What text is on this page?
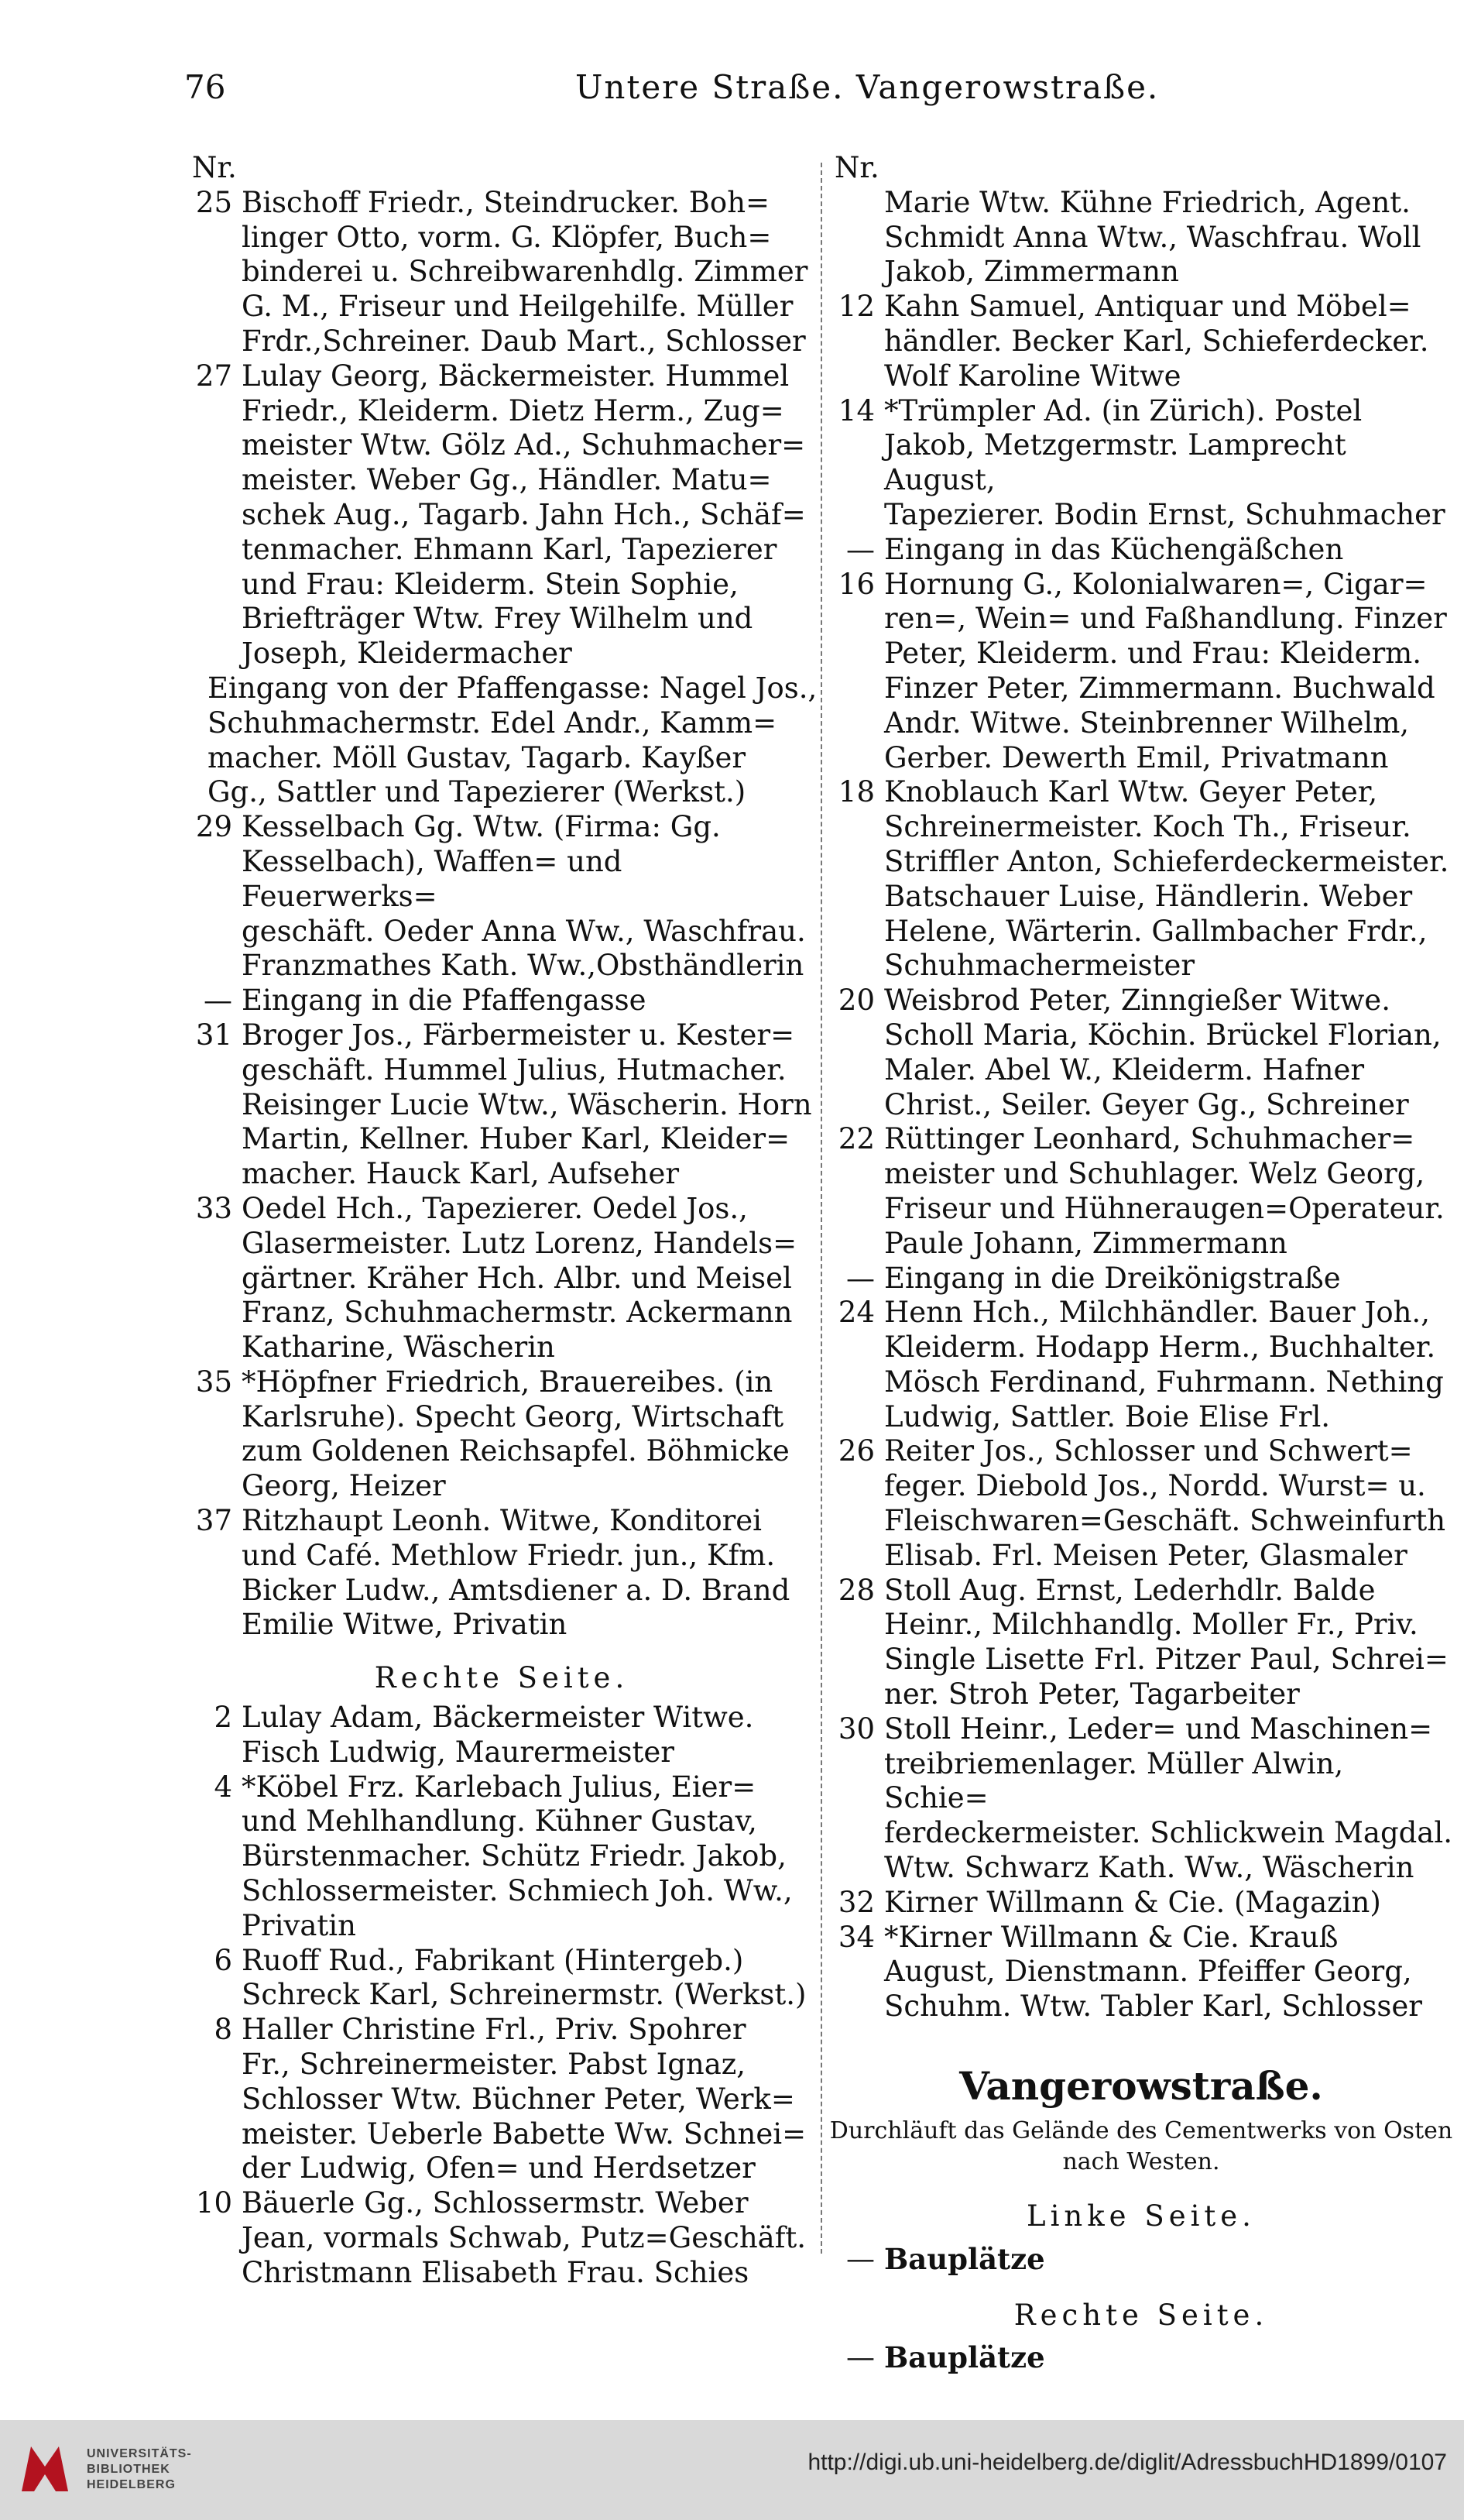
76	Untere Straße. Vangerowstraße.
Nr.
25 Bischoff Friedr., Steindrucker. Boh=
linger Otto, vorm. G. Klöpfer, Buch=
binderei u. Schreibwarenhdlg. Zimmer
G. M., Friseur und Heilgehilfe. Müller
Frdr.,Schreiner. Daub Mart., Schlosser
27 Lulay Georg, Bäckermeister. Hummel
Friedr., Kleiderm. Dietz Herm., Zug=
meister Wtw. Gölz Ad., Schuhmacher=
meister. Weber Gg., Händler. Matu=
schek Aug., Tagarb. Jahn Hch., Schäf=
tenmacher. Ehmann Karl, Tapezierer
und Frau: Kleiderm. Stein Sophie,
Briefträger Wtw. Frey Wilhelm und
Joseph, Kleidermacher
Eingang von der Pfaffengasse: Nagel Jos.,
Schuhmachermstr. Edel Andr., Kamm=
macher. Möll Gustav, Tagarb. Kayßer
Gg., Sattler und Tapezierer (Werkst.)
29 Kesselbach Gg. Wtw. (Firma: Gg.
Kesselbach), Waffen= und Feuerwerks=
geschäft. Oeder Anna Ww., Waschfrau.
Franzmathes Kath. Ww.,Obsthändlerin
— Eingang in die Pfaffengasse
31 Broger Jos., Färbermeister u. Kester=
geschäft. Hummel Julius, Hutmacher.
Reisinger Lucie Wtw., Wäscherin. Horn
Martin, Kellner. Huber Karl, Kleider=
macher. Hauck Karl, Aufseher
33 Oedel Hch., Tapezierer. Oedel Jos.,
Glasermeister. Lutz Lorenz, Handels=
gärtner. Kräher Hch. Albr. und Meisel
Franz, Schuhmachermstr. Ackermann
Katharine, Wäscherin
35 *Höpfner Friedrich, Brauereibes. (in
Karlsruhe). Specht Georg, Wirtschaft
zum Goldenen Reichsapfel. Böhmicke
Georg, Heizer
37 Ritzhaupt Leonh. Witwe, Konditorei
und Café. Methlow Friedr. jun., Kfm.
Bicker Ludw., Amtsdiener a. D. Brand
Emilie Witwe, Privatin
Rechte Seite.
2 Lulay Adam, Bäckermeister Witwe.
Fisch Ludwig, Maurermeister
4 *Köbel Frz. Karlebach Julius, Eier=
und Mehlhandlung. Kühner Gustav,
Bürstenmacher. Schütz Friedr. Jakob,
Schlossermeister. Schmiech Joh. Ww.,
Privatin
6 Ruoff Rud., Fabrikant (Hintergeb.)
Schreck Karl, Schreinermstr. (Werkst.)
8 Haller Christine Frl., Priv. Spohrer
Fr., Schreinermeister. Pabst Ignaz,
Schlosser Wtw. Büchner Peter, Werk=
meister. Ueberle Babette Ww. Schnei=
der Ludwig, Ofen= und Herdsetzer
10 Bäuerle Gg., Schlossermstr. Weber
Jean, vormals Schwab, Putz=Geschäft.
Christmann Elisabeth Frau. Schies
Nr.
Marie Wtw. Kühne Friedrich, Agent.
Schmidt Anna Wtw., Waschfrau. Woll
Jakob, Zimmermann
12 Kahn Samuel, Antiquar und Möbel=
händler. Becker Karl, Schieferdecker.
Wolf Karoline Witwe
14 *Trümpler Ad. (in Zürich). Postel
Jakob, Metzgermstr. Lamprecht August,
Tapezierer. Bodin Ernst, Schuhmacher
— Eingang in das Küchengäßchen
16 Hornung G., Kolonialwaren=, Cigar=
ren=, Wein= und Faßhandlung. Finzer
Peter, Kleiderm. und Frau: Kleiderm.
Finzer Peter, Zimmermann. Buchwald
Andr. Witwe. Steinbrenner Wilhelm,
Gerber. Dewerth Emil, Privatmann
18 Knoblauch Karl Wtw. Geyer Peter,
Schreinermeister. Koch Th., Friseur.
Striffler Anton, Schieferdeckermeister.
Batschauer Luise, Händlerin. Weber
Helene, Wärterin. Gallmbacher Frdr.,
Schuhmachermeister
20 Weisbrod Peter, Zinngießer Witwe.
Scholl Maria, Köchin. Brückel Florian,
Maler. Abel W., Kleiderm. Hafner
Christ., Seiler. Geyer Gg., Schreiner
22 Rüttinger Leonhard, Schuhmacher=
meister und Schuhlager. Welz Georg,
Friseur und Hühneraugen=Operateur.
Paule Johann, Zimmermann
— Eingang in die Dreikönigstraße
24 Henn Hch., Milchhändler. Bauer Joh.,
Kleiderm. Hodapp Herm., Buchhalter.
Mösch Ferdinand, Fuhrmann. Nething
Ludwig, Sattler. Boie Elise Frl.
26 Reiter Jos., Schlosser und Schwert=
feger. Diebold Jos., Nordd. Wurst= u.
Fleischwaren=Geschäft. Schweinfurth
Elisab. Frl. Meisen Peter, Glasmaler
28 Stoll Aug. Ernst, Lederhdlr. Balde
Heinr., Milchhandlg. Moller Fr., Priv.
Single Lisette Frl. Pitzer Paul, Schrei=
ner. Stroh Peter, Tagarbeiter
30 Stoll Heinr., Leder= und Maschinen=
treibriemenlager. Müller Alwin, Schie=
ferdeckermeister. Schlickwein Magdal.
Wtw. Schwarz Kath. Ww., Wäscherin
32 Kirner Willmann & Cie. (Magazin)
34 *Kirner Willmann & Cie. Krauß
August, Dienstmann. Pfeiffer Georg,
Schuhm. Wtw. Tabler Karl, Schlosser
Vangerowstraße.
Durchläuft das Gelände des Cementwerks von Osten
nach Westen.
Linke Seite.
— Bauplätze
Rechte Seite.
— Bauplätze
UNIVERSITÄTS-
BIBLIOTHEK
HEIDELBERG
http://digi.ub.uni-heidelberg.de/diglit/AdressbuchHD1899/0107
